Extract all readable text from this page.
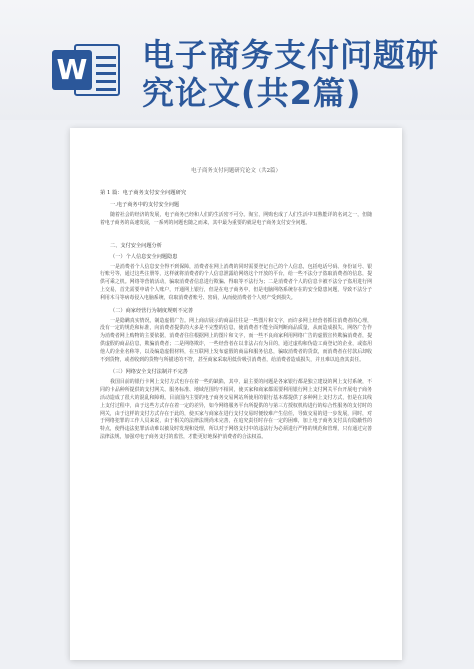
W 电子商务支付问题研究论文(共2篇)
电子商务支付问题研究论文（共2篇）
第 1 篇：电子商务支付安全问题研究
一.电子商务中的支付安全问题
随着社会的经济的发展，电子商务已经和人们的生活密不可分。淘宝，网购也成了人们生活中耳熟能详的名词之一，但随着电子商务的高速发展，一系列的问题也随之而来，其中最为重要的就是电子商务支付安全问题。
二、支付安全问题分析
（一）个人信息安全问题隐患
一是消费者个人信息安全得不到保障，消费者在网上消费的同时需要登记自己的个人信息，包括电话号码、身份证号、银行账号等，通过这些注册等，这样就将消费者的个人信息泄露给网络这个开放的平台，给一些不法分子盗取消费者的信息，提供可乘之机。网络等营销活动，骗取消费者信息进行欺骗、得取等不法行为；二是消费者个人的信息卡被不法分子盗用进行网上交易，首先需要申请个人账户，开通网上银行，但是在电子商务中，但是电脑网络系统存在的安全隐患问题，导致不法分子利用木马等病毒侵入电脑系统，窃取消费者账号、密码，从而使消费者个人财产受到损失。
（二）商家经营行为制度规则不完善
一是隐瞒真实情况，制造虚假广告。网上商店展示的商品往往是一些图片和文字，而许多网上经营者抓住消费者的心理，没有一定的规范和标准，向消费者提供的大多是不完整的信息，使消费者不能全面判断商品质量，从而造成损失。网络广告作为消费者网上购物的主要依据，消费者往往根据网上的图片和文字，而一些不良商家利用网络广告的虚假宣传欺骗消费者，提供虚假的商品信息，欺骗消费者；二是网络欺诈，一些经营者在以非法占有为目的，通过虚构和伪造工商登记的企业，或盗用他人的企业名称等，以及编造虚假材料，在互联网上发布虚假的商品和服务信息，骗取消费者的货款，而消费者在付款后却收不到货物，或者收到的货物与所描述的不符，甚至商家采取用低价吸引消费者，给消费者造成损失，并且难以追查其责任。
（三）网络安全支付法制并不完善
我国目前的银行卡网上支付方式也存在着一些的缺陷，其中，最主要的问题是各家银行都是独立建设的网上支付系统，不同的卡品种所提供的支付网关、服务标准、地域范围均不相同，使买家和商家都需要利用银行网上支付网关平台开展电子商务活动造成了很大的混乱和障碍。目前国内主要的电子商务交易网站所使用的银行基本都提供了多种网上支付方式，但是在其线上支付过程中，由于这些方式存在着一定的差异，如今网络服务平台所提供的与第三方授权机构进行的综合性服务的支付时的网关，由于这样的支付方式存在于此的，使买家与商家在进行支付交易时便较难产生信任，导致交易的进一步发展，同时，对于网络犯罪的工作人员来说，由于相关的法律法规尚未完善，在追究责任时存在一定的困难，加上电子商务支付具有隐蔽性的特点，使得违法犯罪活动难以被及时发现和处理，所以对于网络支付中的违法行为必须进行严格的规范和管理，只有通过完善法律法规，加强对电子商务支付的监管，才能更好地保护消费者的合法权益。
